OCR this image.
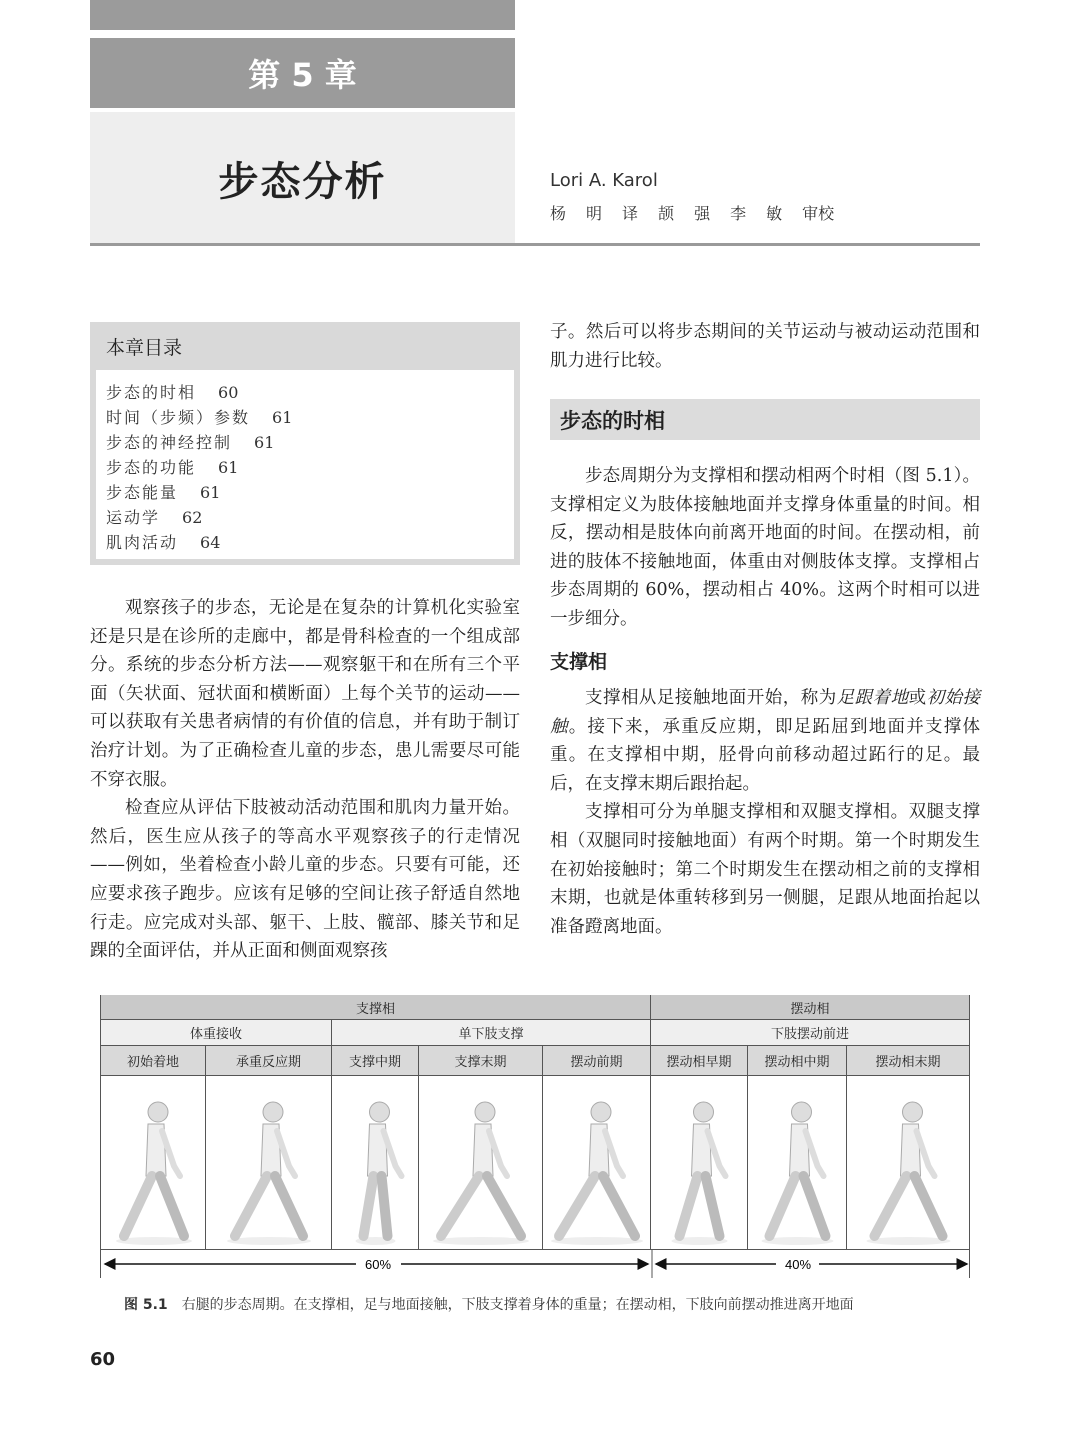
第 5 章
步态分析	Lori A. Karol
杨 明 译 颉 强 李 敏 审校
本章目录
步态的时相 60
时间（步频）参数 61
步态的神经控制 61
步态的功能 61
步态能量 61
运动学 62
肌肉活动 64

观察孩子的步态，无论是在复杂的计算机化实验室还是只是在诊所的走廊中，都是骨科检查的一个组成部分。系统的步态分析方法——观察躯干和在所有三个平面（矢状面、冠状面和横断面）上每个关节的运动——可以获取有关患者病情的有价值的信息，并有助于制订治疗计划。为了正确检查儿童的步态，患儿需要尽可能不穿衣服。

检查应从评估下肢被动活动范围和肌肉力量开始。然后，医生应从孩子的等高水平观察孩子的行走情况——例如，坐着检查小龄儿童的步态。只要有可能，还应要求孩子跑步。应该有足够的空间让孩子舒适自然地行走。应完成对头部、躯干、上肢、髋部、膝关节和足踝的全面评估，并从正面和侧面观察孩

子。然后可以将步态期间的关节运动与被动运动范围和肌力进行比较。
步态的时相

步态周期分为支撑相和摆动相两个时相（图 5.1）。支撑相定义为肢体接触地面并支撑身体重量的时间。相反，摆动相是肢体向前离开地面的时间。在摆动相，前进的肢体不接触地面，体重由对侧肢体支撑。支撑相占步态周期的 60%，摆动相占 40%。这两个时相可以进一步细分。

支撑相

支撑相从足接触地面开始，称为足跟着地或初始接触。接下来，承重反应期，即足跖屈到地面并支撑体重。在支撑相中期，胫骨向前移动超过跖行的足。最后，在支撑末期后跟抬起。

支撑相可分为单腿支撑相和双腿支撑相。双腿支撑相（双腿同时接触地面）有两个时期。第一个时期发生在初始接触时；第二个时期发生在摆动相之前的支撑相末期，也就是体重转移到另一侧腿，足跟从地面抬起以准备蹬离地面。

支撑相	摆动相
体重接收	单下肢支撑	下肢摆动前进
初始着地	承重反应期	支撑中期	支撑末期	摆动前期	摆动相早期	摆动相中期	摆动相末期
60%	40%
图 5.1 右腿的步态周期。在支撑相，足与地面接触，下肢支撑着身体的重量；在摆动相，下肢向前摆动推进离开地面
60
